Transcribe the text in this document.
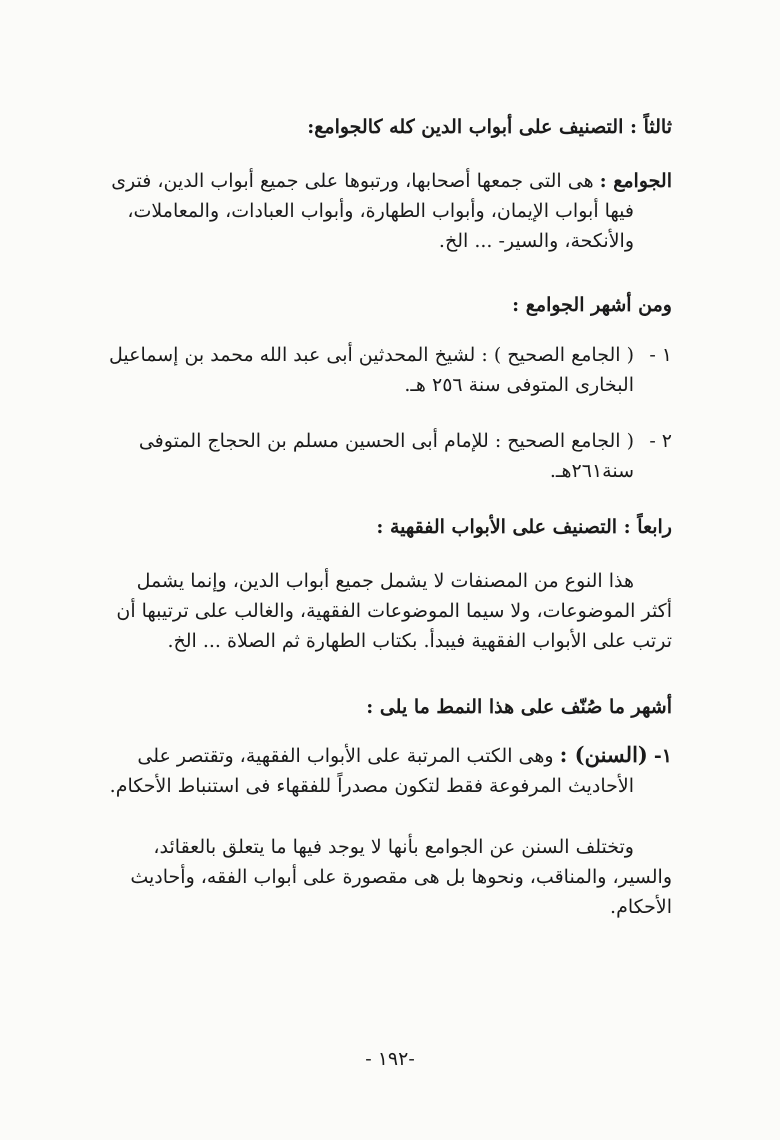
ثالثاً : التصنيف على أبواب الدين كله كالجوامع:
الجوامع : هى التى جمعها أصحابها، ورتبوها على جميع أبواب الدين، فترى
فيها أبواب الإيمان، وأبواب الطهارة، وأبواب العبادات، والمعاملات،
والأنكحة، والسير- ... الخ.
ومن أشهر الجوامع :
١ -( الجامع الصحيح ) : لشيخ المحدثين أبى عبد الله محمد بن إسماعيل
البخارى المتوفى سنة ٢٥٦ هـ.
٢ -( الجامع الصحيح : للإمام أبى الحسين مسلم بن الحجاج المتوفى
سنة٢٦١هـ.
رابعاً : التصنيف على الأبواب الفقهية :
هذا النوع من المصنفات لا يشمل جميع أبواب الدين، وإنما يشمل
أكثر الموضوعات، ولا سيما الموضوعات الفقهية، والغالب على ترتيبها أن
ترتب على الأبواب الفقهية فيبدأ. بكتاب الطهارة ثم الصلاة ... الخ.
أشهر ما صُنّف على هذا النمط ما يلى :
١- (السنن) : وهى الكتب المرتبة على الأبواب الفقهية، وتقتصر على
الأحاديث المرفوعة فقط لتكون مصدراً للفقهاء فى استنباط الأحكام.
وتختلف السنن عن الجوامع بأنها لا يوجد فيها ما يتعلق بالعقائد،
والسير، والمناقب، ونحوها بل هى مقصورة على أبواب الفقه، وأحاديث
الأحكام.
-١٩٢ -
